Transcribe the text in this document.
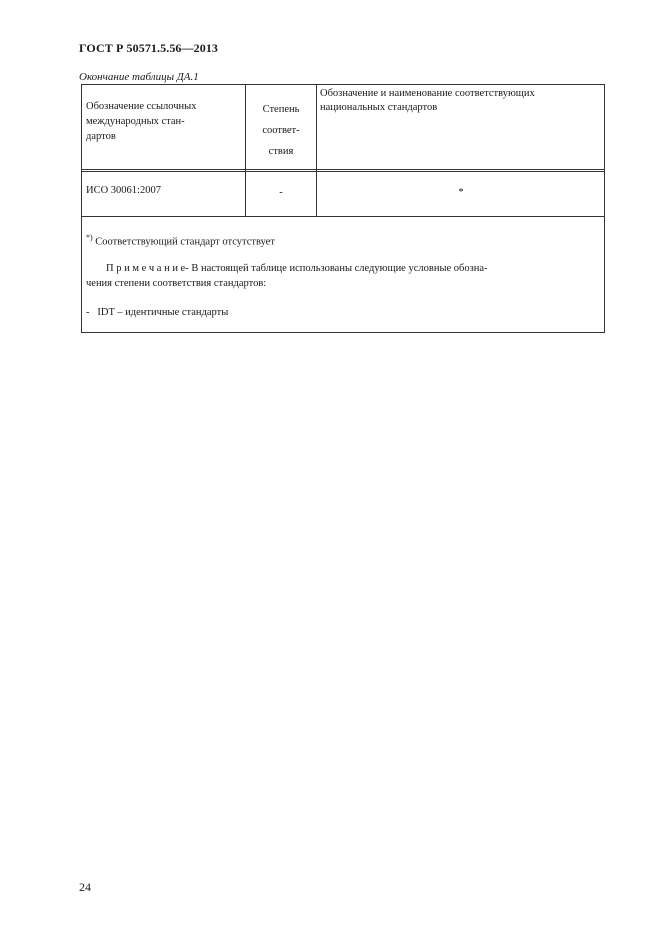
ГОСТ Р 50571.5.56—2013
Окончание таблицы ДА.1
Обозначение ссылочных
международных стан-
дартов
Степень
соответ-
ствия
Обозначение и наименование соответствующих
национальных стандартов
ИСО 30061:2007	-	*
*) Соответствующий стандарт отсутствует
П р и м е ч а н и е- В настоящей таблице использованы следующие условные обозна-
чения степени соответствия стандартов:
-   IDT – идентичные стандарты
24
